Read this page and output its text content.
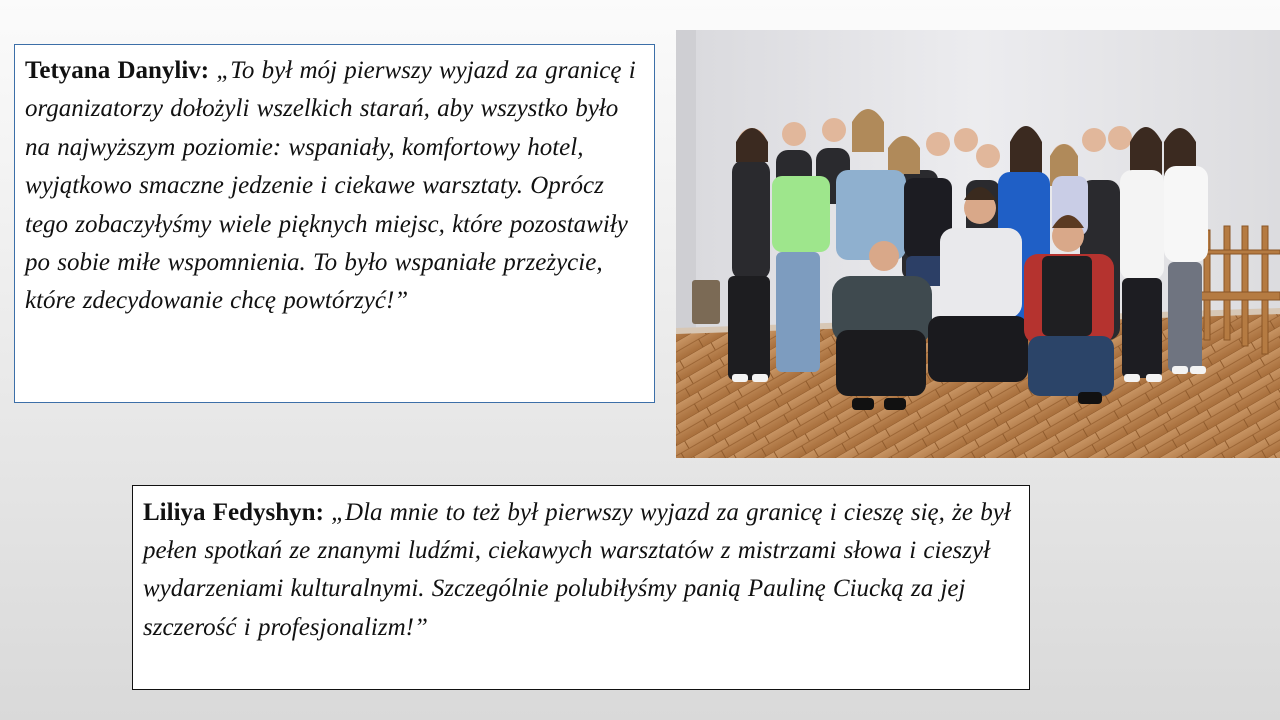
Tetyana Danyliv: „To był mój pierwszy wyjazd za granicę i organizatorzy dołożyli wszelkich starań, aby wszystko było na najwyższym poziomie: wspaniały, komfortowy hotel, wyjątkowo smaczne jedzenie i ciekawe warsztaty. Oprócz tego zobaczyłyśmy wiele pięknych miejsc, które pozostawiły po sobie miłe wspomnienia. To było wspaniałe przeżycie, które zdecydowanie chcę powtórzyć!”
Liliya Fedyshyn: „Dla mnie to też był pierwszy wyjazd za granicę i cieszę się, że był pełen spotkań ze znanymi ludźmi, ciekawych warsztatów z mistrzami słowa i cieszył wydarzeniami kulturalnymi. Szczególnie polubiłyśmy panią Paulinę Ciucką za jej szczerość i profesjonalizm!”
